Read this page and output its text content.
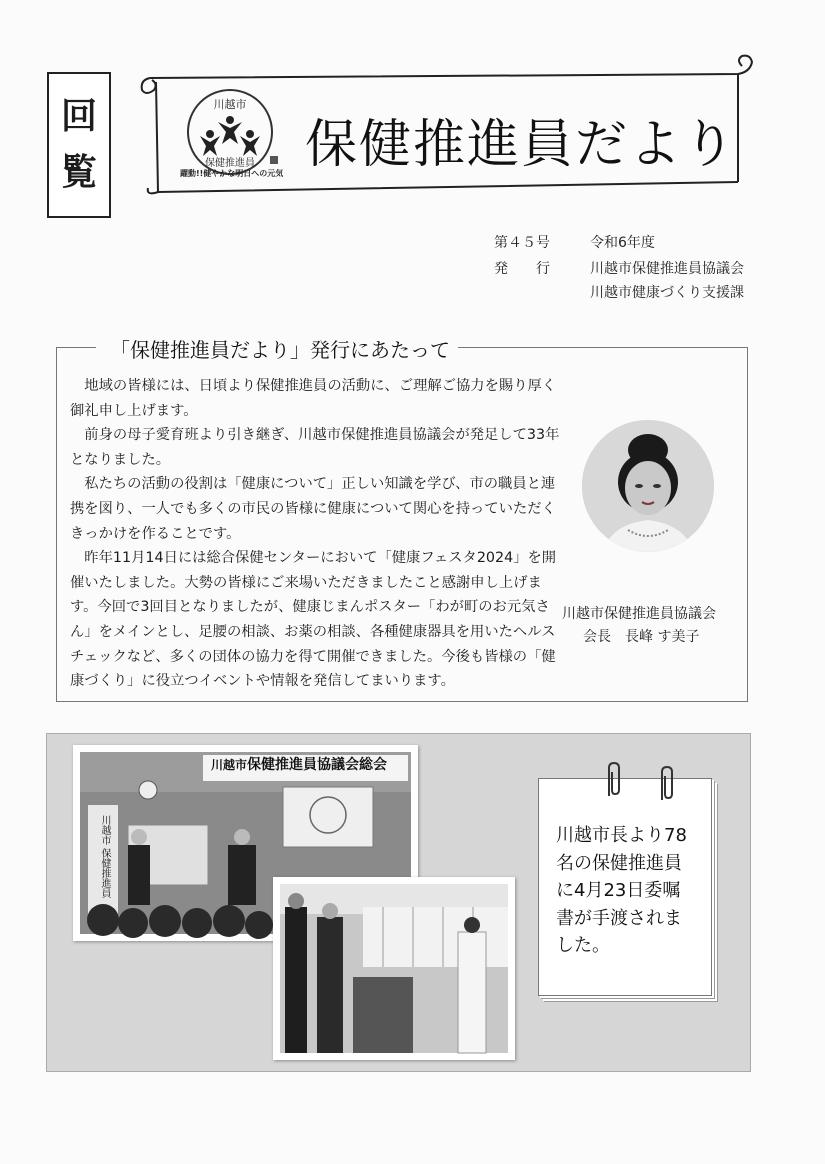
回
覧
川越市
保健推進員
躍動!!健やかな明日への元気 保健推進員だより
第４５号	令和6年度
発　　行	川越市保健推進員協議会
川越市健康づくり支援課
「保健推進員だより」発行にあたって

地域の皆様には、日頃より保健推進員の活動に、ご理解ご協力を賜り厚く御礼申し上げます。

前身の母子愛育班より引き継ぎ、川越市保健推進員協議会が発足して33年となりました。

私たちの活動の役割は「健康について」正しい知識を学び、市の職員と連携を図り、一人でも多くの市民の皆様に健康について関心を持っていただくきっかけを作ることです。

昨年11月14日には総合保健センターにおいて「健康フェスタ2024」を開催いたしました。大勢の皆様にご来場いただきましたこと感謝申し上げます。今回で3回目となりましたが、健康じまんポスター「わが町のお元気さん」をメインとし、足腰の相談、お薬の相談、各種健康器具を用いたヘルスチェックなど、多くの団体の協力を得て開催できました。今後も皆様の「健康づくり」に役立つイベントや情報を発信してまいります。

川越市保健推進員協議会
会長　長峰 す美子
川越市保健推進員協議会総会
川越市長より78名の保健推進員に4月23日委嘱書が手渡されました。
川越市 保健推進員
